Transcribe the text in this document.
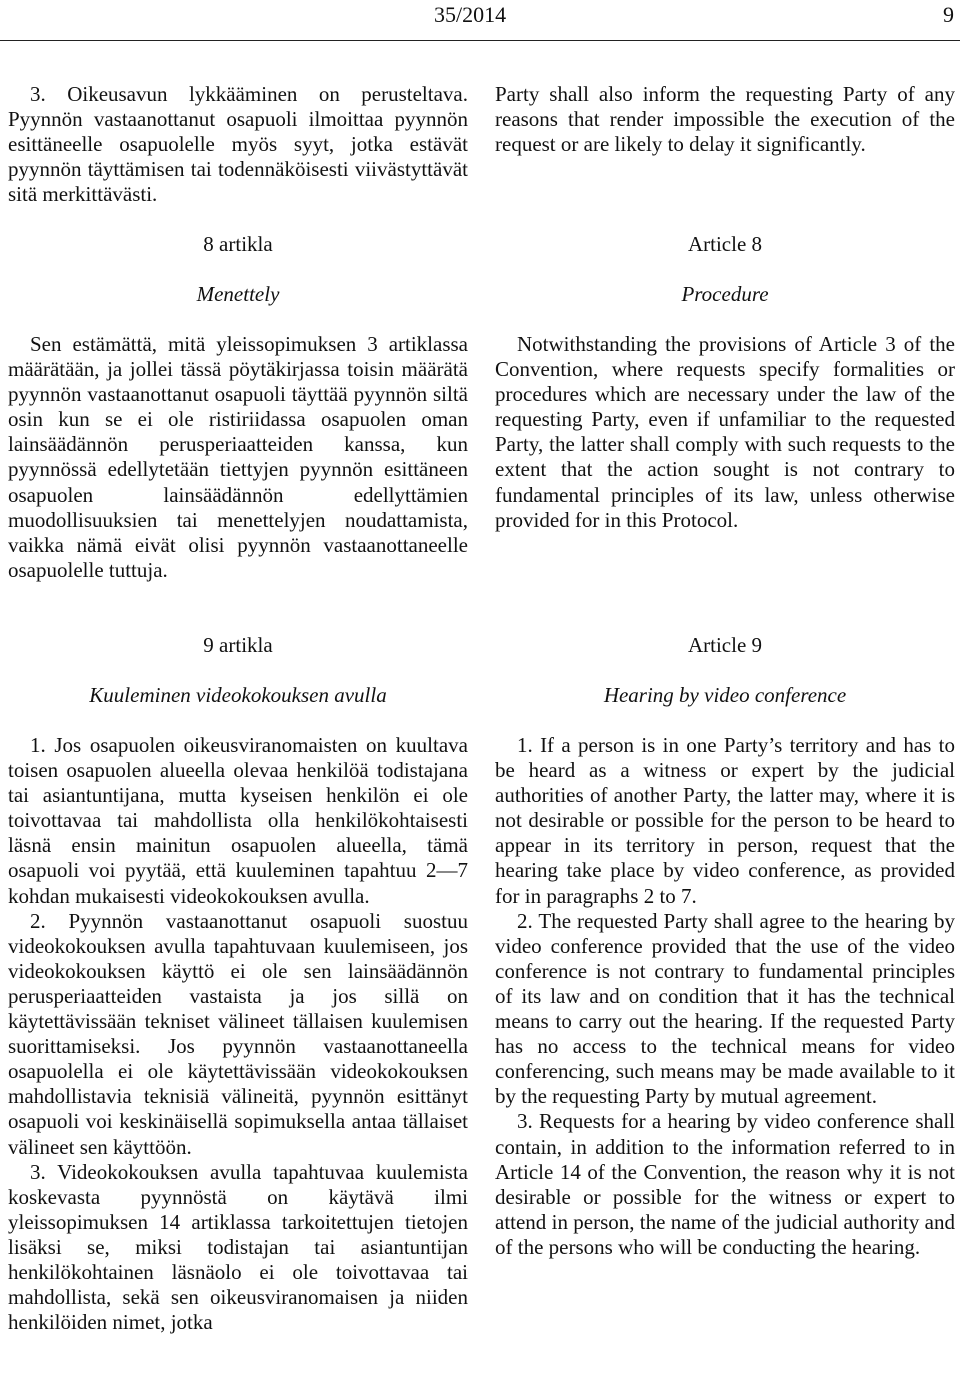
35/2014	9

3. Oikeusavun lykkääminen on perusteltava. Pyynnön vastaanottanut osapuoli ilmoittaa pyynnön esittäneelle osapuolelle myös syyt, jotka estävät pyynnön täyttämisen tai todennäköisesti viivästyttävät sitä merkittävästi.

8 artikla

Menettely

Sen estämättä, mitä yleissopimuksen 3 artiklassa määrätään, ja jollei tässä pöytäkirjassa toisin määrätä pyynnön vastaanottanut osapuoli täyttää pyynnön siltä osin kun se ei ole ristiriidassa osapuolen oman lainsäädännön perusperiaatteiden kanssa, kun pyynnössä edellytetään tiettyjen pyynnön esittäneen osapuolen lainsäädännön edellyttämien muodollisuuksien tai menettelyjen noudattamista, vaikka nämä eivät olisi pyynnön vastaanottaneelle osapuolelle tuttuja.

9 artikla

Kuuleminen videokokouksen avulla

1. Jos osapuolen oikeusviranomaisten on kuultava toisen osapuolen alueella olevaa henkilöä todistajana tai asiantuntijana, mutta kyseisen henkilön ei ole toivottavaa tai mahdollista olla henkilökohtaisesti läsnä ensin mainitun osapuolen alueella, tämä osapuoli voi pyytää, että kuuleminen tapahtuu 2—7 kohdan mukaisesti videokokouksen avulla.

2. Pyynnön vastaanottanut osapuoli suostuu videokokouksen avulla tapahtuvaan kuulemiseen, jos videokokouksen käyttö ei ole sen lainsäädännön perusperiaatteiden vastaista ja jos sillä on käytettävissään tekniset välineet tällaisen kuulemisen suorittamiseksi. Jos pyynnön vastaanottaneella osapuolella ei ole käytettävissään videokokouksen mahdollistavia teknisiä välineitä, pyynnön esittänyt osapuoli voi keskinäisellä sopimuksella antaa tällaiset välineet sen käyttöön.

3. Videokokouksen avulla tapahtuvaa kuulemista koskevasta pyynnöstä on käytävä ilmi yleissopimuksen 14 artiklassa tarkoitettujen tietojen lisäksi se, miksi todistajan tai asiantuntijan henkilökohtainen läsnäolo ei ole toivottavaa tai mahdollista, sekä sen oikeusviranomaisen ja niiden henkilöiden nimet, jotka

Party shall also inform the requesting Party of any reasons that render impossible the execution of the request or are likely to delay it significantly.

Article 8

Procedure

Notwithstanding the provisions of Article 3 of the Convention, where requests specify formalities or procedures which are necessary under the law of the requesting Party, even if unfamiliar to the requested Party, the latter shall comply with such requests to the extent that the action sought is not contrary to fundamental principles of its law, unless otherwise provided for in this Protocol.

Article 9

Hearing by video conference

1. If a person is in one Party’s territory and has to be heard as a witness or expert by the judicial authorities of another Party, the latter may, where it is not desirable or possible for the person to be heard to appear in its territory in person, request that the hearing take place by video conference, as provided for in paragraphs 2 to 7.

2. The requested Party shall agree to the hearing by video conference provided that the use of the video conference is not contrary to fundamental principles of its law and on condition that it has the technical means to carry out the hearing. If the requested Party has no access to the technical means for video conferencing, such means may be made available to it by the requesting Party by mutual agreement.

3. Requests for a hearing by video conference shall contain, in addition to the information referred to in Article 14 of the Convention, the reason why it is not desirable or possible for the witness or expert to attend in person, the name of the judicial authority and of the persons who will be conducting the hearing.
